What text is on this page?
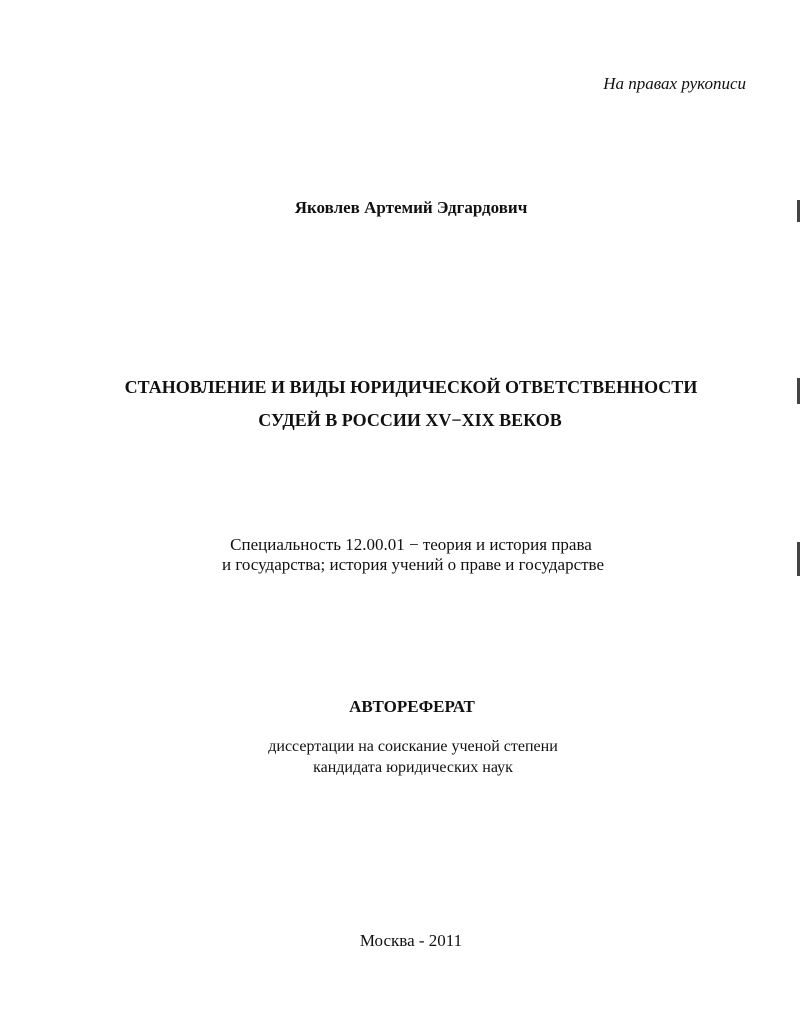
На правах рукописи
Яковлев Артемий Эдгардович
СТАНОВЛЕНИЕ И ВИДЫ ЮРИДИЧЕСКОЙ ОТВЕТСТВЕННОСТИ
СУДЕЙ В РОССИИ XV−XIX ВЕКОВ
Специальность 12.00.01 − теория и история права
и государства; история учений о праве и государстве
АВТОРЕФЕРАТ
диссертации на соискание ученой степени
кандидата юридических наук
Москва - 2011
